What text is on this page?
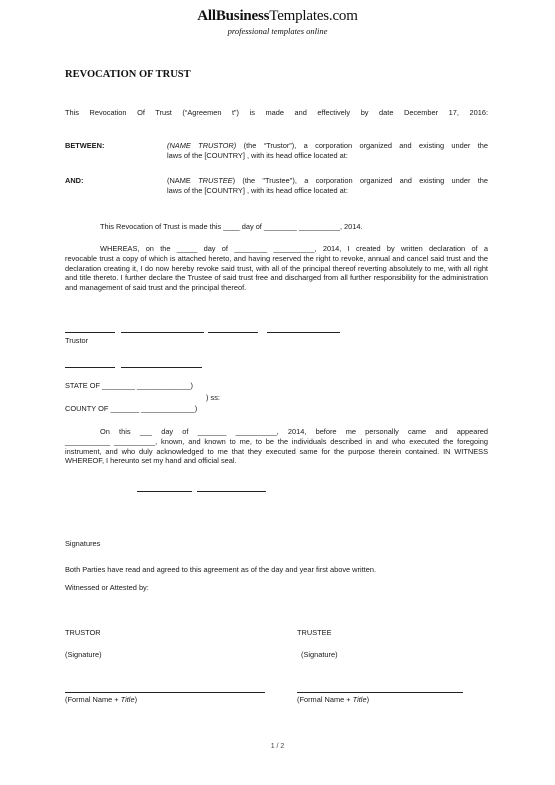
AllBusinessTemplates.com
professional templates online
REVOCATION OF TRUST
This Revocation Of Trust (“Agreemen t”) is made and effectively by date December 17, 2016:
BETWEEN:	(NAME TRUSTOR) (the “Trustor”), a corporation organized and existing under the
laws of the [COUNTRY] , with its head office located at:
AND:	(NAME TRUSTEE) (the "Trustee"), a corporation organized and existing under the
laws of the [COUNTRY] , with its head office located at:
This Revocation of Trust is made this ____ day of ________ __________, 2014.
WHEREAS, on the _____ day of ________ __________, 2014, I created by written declaration of a
revocable trust a copy of which is attached hereto, and having reserved the right to revoke, annual and cancel said trust and the declaration creating it, I do now hereby revoke said trust, with all of the principal thereof reverting absolutely to me, with all right and title thereto. I further declare the Trustee of said trust free and discharged from all further responsibility for the administration and management of said trust and the principal thereof.
Trustor
STATE OF ________ _____________)
) ss:
COUNTY OF _______ _____________)
On this ___ day of _______ __________, 2014, before me personally came and appeared
___________ __________, known, and known to me, to be the individuals described in and who executed the foregoing instrument, and who duly acknowledged to me that they executed same for the purpose therein contained. IN WITNESS WHEREOF, I hereunto set my hand and official seal.
Signatures
Both Parties have read and agreed to this agreement as of the day and year first above written.
Witnessed or Attested by:
TRUSTOR	TRUSTEE
(Signature)	(Signature)
(Formal Name + Title)	(Formal Name + Title)
1 / 2
